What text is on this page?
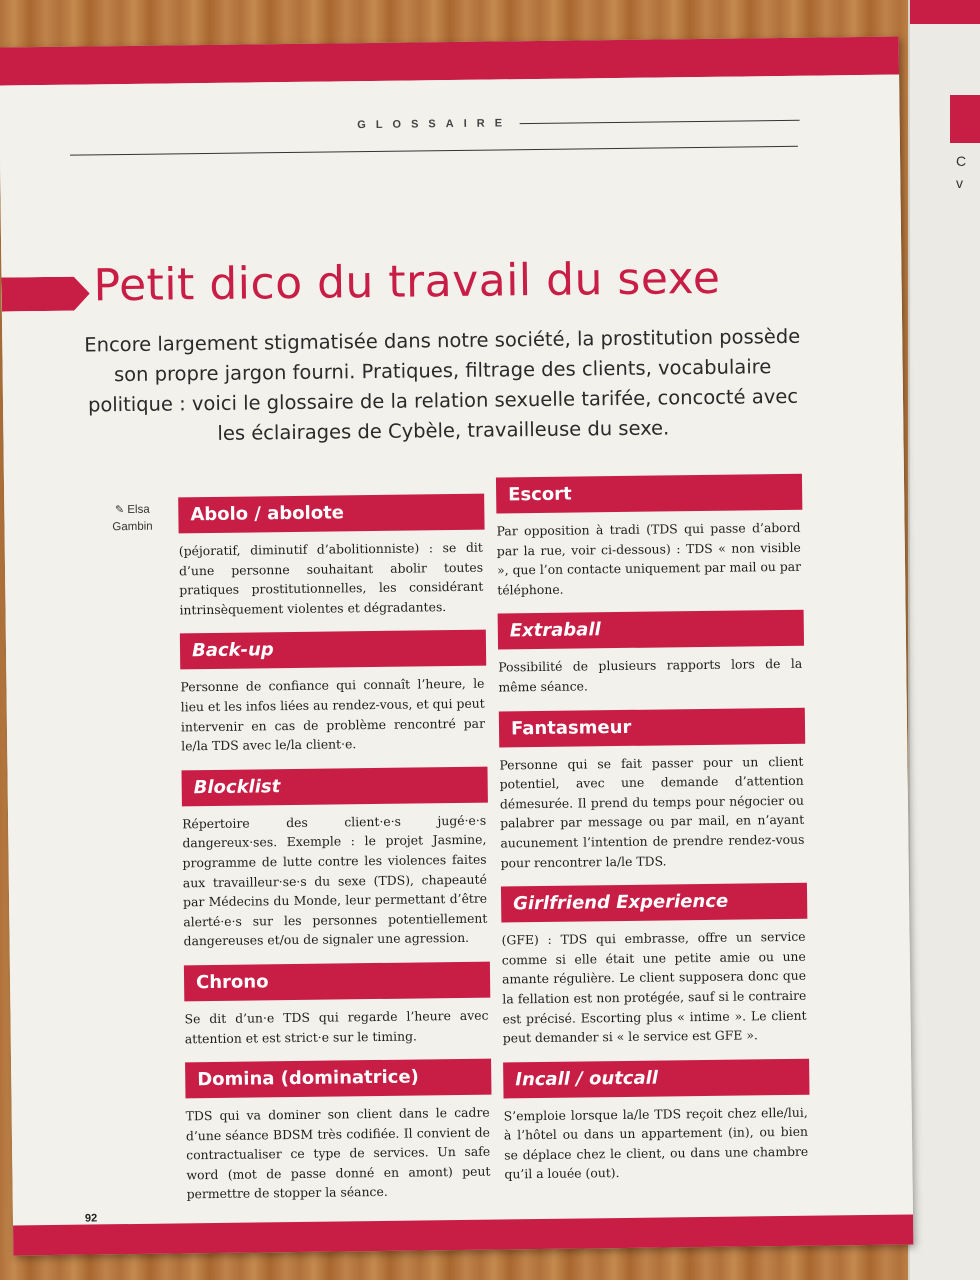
C
v
GLOSSAIRE
Petit dico du travail du sexe
Encore largement stigmatisée dans notre société, la prostitution possède son propre jargon fourni. Pratiques, filtrage des clients, vocabulaire politique : voici le glossaire de la relation sexuelle tarifée, concocté avec les éclairages de Cybèle, travailleuse du sexe.
✎ Elsa
Gambin
Abolo / abolote
(péjoratif, diminutif d’abolitionniste) : se dit d’une personne souhaitant abolir toutes pratiques prostitutionnelles, les considérant intrinsèquement violentes et dégradantes.
Back-up
Personne de confiance qui connaît l’heure, le lieu et les infos liées au rendez-vous, et qui peut intervenir en cas de problème rencontré par le/la TDS avec le/la client·e.
Blocklist
Répertoire des client·e·s jugé·e·s dangereux·ses. Exemple : le projet Jasmine, programme de lutte contre les violences faites aux travailleur·se·s du sexe (TDS), chapeauté par Médecins du Monde, leur permettant d’être alerté·e·s sur les personnes potentiellement dangereuses et/ou de signaler une agression.
Chrono
Se dit d’un·e TDS qui regarde l’heure avec attention et est strict·e sur le timing.
Domina (dominatrice)
TDS qui va dominer son client dans le cadre d’une séance BDSM très codifiée. Il convient de contractualiser ce type de services. Un safe word (mot de passe donné en amont) peut permettre de stopper la séance.
Escort
Par opposition à tradi (TDS qui passe d’abord par la rue, voir ci-dessous) : TDS « non visible », que l’on contacte uniquement par mail ou par téléphone.
Extraball
Possibilité de plusieurs rapports lors de la même séance.
Fantasmeur
Personne qui se fait passer pour un client potentiel, avec une demande d’attention démesurée. Il prend du temps pour négocier ou palabrer par message ou par mail, en n’ayant aucunement l’intention de prendre rendez-vous pour rencontrer la/le TDS.
Girlfriend Experience
(GFE) : TDS qui embrasse, offre un service comme si elle était une petite amie ou une amante régulière. Le client supposera donc que la fellation est non protégée, sauf si le contraire est précisé. Escorting plus « intime ». Le client peut demander si « le service est GFE ».
Incall / outcall
S’emploie lorsque la/le TDS reçoit chez elle/lui, à l’hôtel ou dans un appartement (in), ou bien se déplace chez le client, ou dans une chambre qu’il a louée (out).
92
